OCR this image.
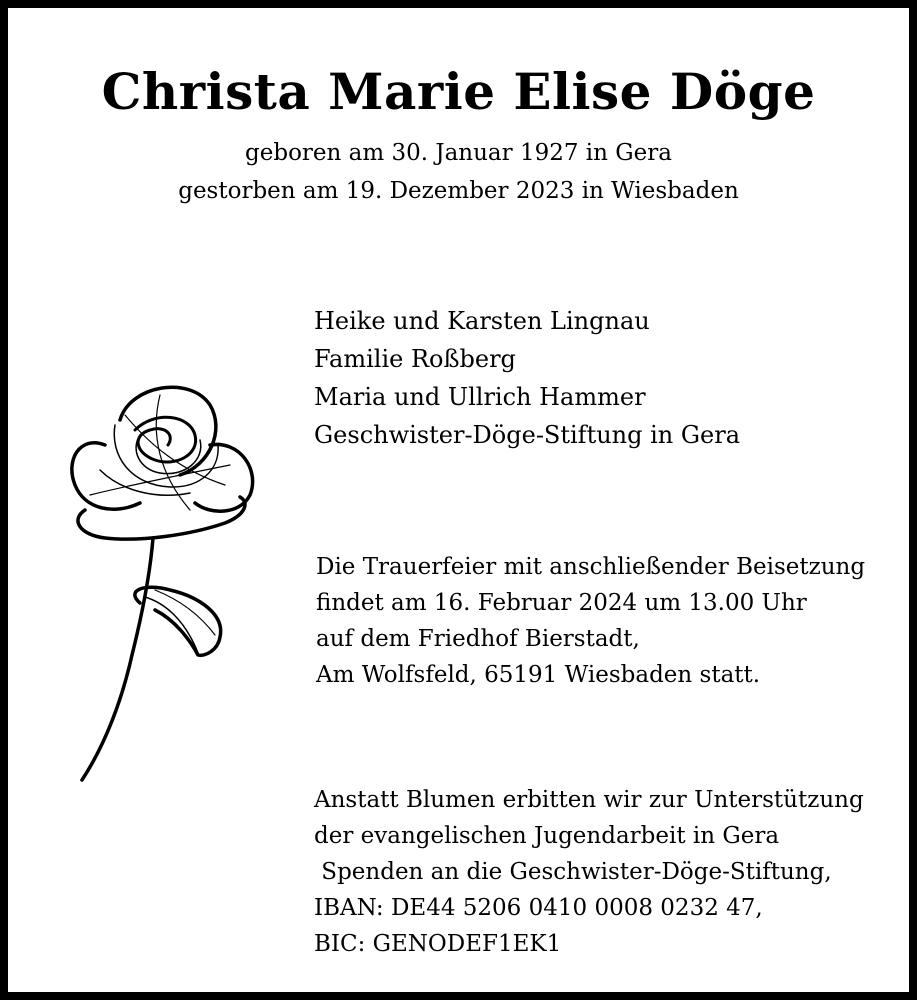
Christa Marie Elise Döge
geboren am 30. Januar 1927 in Gera
gestorben am 19. Dezember 2023 in Wiesbaden
Heike und Karsten Lingnau
Familie Roßberg
Maria und Ullrich Hammer
Geschwister-Döge-Stiftung in Gera
Die Trauerfeier mit anschließender Beisetzung
findet am 16. Februar 2024 um 13.00 Uhr
auf dem Friedhof Bierstadt,
Am Wolfsfeld, 65191 Wiesbaden statt.
Anstatt Blumen erbitten wir zur Unterstützung
der evangelischen Jugendarbeit in Gera
Spenden an die Geschwister-Döge-Stiftung,
IBAN: DE44 5206 0410 0008 0232 47,
BIC: GENODEF1EK1
